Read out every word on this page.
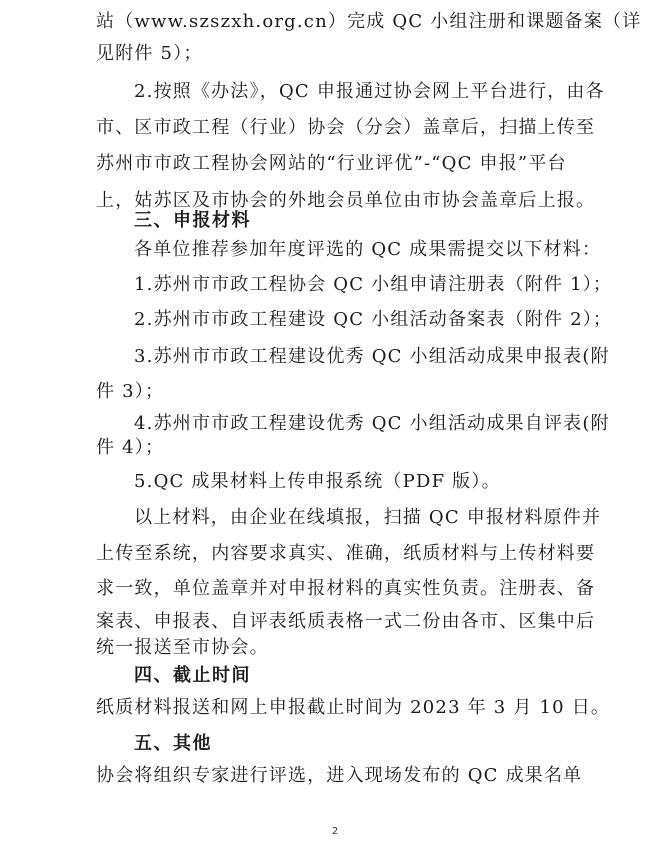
站（www.szszxh.org.cn）完成 QC 小组注册和课题备案（详
见附件 5）；
2.按照《办法》，QC 申报通过协会网上平台进行，由各
市、区市政工程（行业）协会（分会）盖章后，扫描上传至
苏州市市政工程协会网站的“行业评优”-“QC 申报”平台
上，姑苏区及市协会的外地会员单位由市协会盖章后上报。
三、申报材料
各单位推荐参加年度评选的 QC 成果需提交以下材料：
1.苏州市市政工程协会 QC 小组申请注册表（附件 1）；
2.苏州市市政工程建设 QC 小组活动备案表（附件 2）；
3.苏州市市政工程建设优秀 QC 小组活动成果申报表(附
件 3）；
4.苏州市市政工程建设优秀 QC 小组活动成果自评表(附
件 4）；
5.QC 成果材料上传申报系统（PDF 版）。
以上材料，由企业在线填报，扫描 QC 申报材料原件并
上传至系统，内容要求真实、准确，纸质材料与上传材料要
求一致，单位盖章并对申报材料的真实性负责。注册表、备
案表、申报表、自评表纸质表格一式二份由各市、区集中后
统一报送至市协会。
四、截止时间
纸质材料报送和网上申报截止时间为 2023 年 3 月 10 日。
五、其他
协会将组织专家进行评选，进入现场发布的 QC 成果名单
2
